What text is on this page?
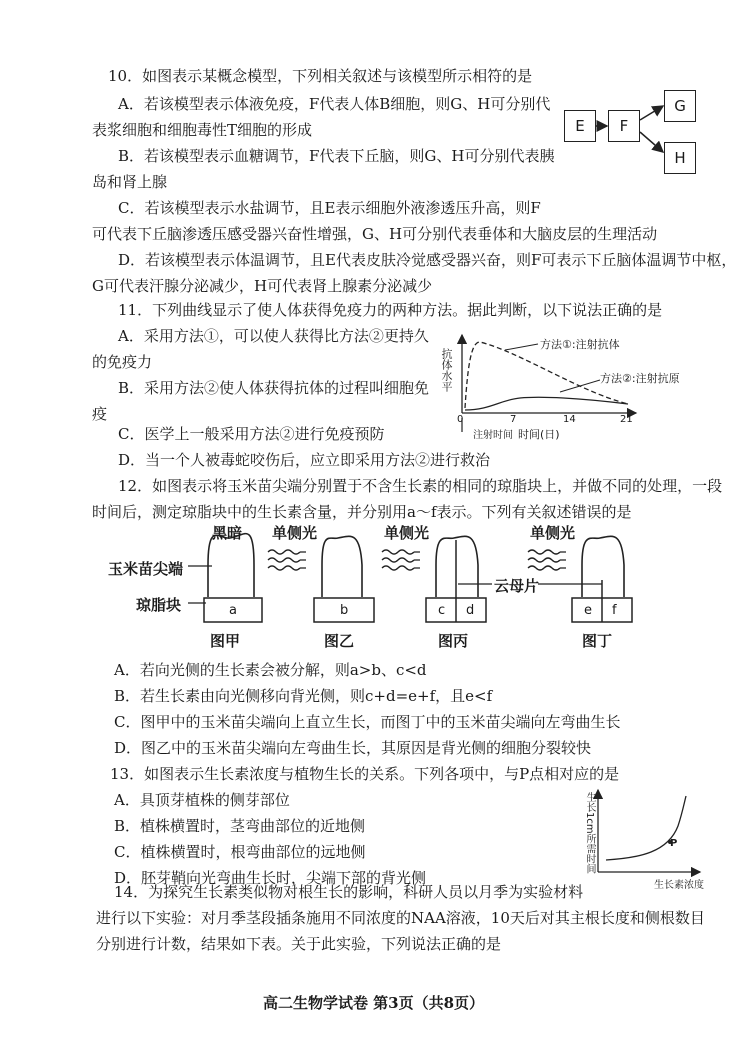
10．如图表示某概念模型，下列相关叙述与该模型所示相符的是
A．若该模型表示体液免疫，F代表人体B细胞，则G、H可分别代
表浆细胞和细胞毒性T细胞的形成
B．若该模型表示血糖调节，F代表下丘脑，则G、H可分别代表胰
岛和肾上腺
C．若该模型表示水盐调节，且E表示细胞外液渗透压升高，则F
可代表下丘脑渗透压感受器兴奋性增强，G、H可分别代表垂体和大脑皮层的生理活动
D．若该模型表示体温调节，且E代表皮肤冷觉感受器兴奋，则F可表示下丘脑体温调节中枢，
G可代表汗腺分泌减少，H可代表肾上腺素分泌减少
E	F
G
H
11．下列曲线显示了使人体获得免疫力的两种方法。据此判断，以下说法正确的是
A．采用方法①，可以使人获得比方法②更持久
的免疫力
B．采用方法②使人体获得抗体的过程叫细胞免
疫
C．医学上一般采用方法②进行免疫预防
D．当一个人被毒蛇咬伤后，应立即采用方法②进行救治
抗体水平
方法①:注射抗体
方法②:注射抗原
0	7	14	21
注射时间 时间(日)
12．如图表示将玉米苗尖端分别置于不含生长素的相同的琼脂块上，并做不同的处理，一段
时间后，测定琼脂块中的生长素含量，并分别用a～f表示。下列有关叙述错误的是
黑暗 单侧光	单侧光	单侧光
玉米苗尖端
琼脂块
云母片
a	b	c d	e f
图甲	图乙	图丙	图丁
A．若向光侧的生长素会被分解，则a>b、c<d
B．若生长素由向光侧移向背光侧，则c+d=e+f，且e<f
C．图甲中的玉米苗尖端向上直立生长，而图丁中的玉米苗尖端向左弯曲生长
D．图乙中的玉米苗尖端向左弯曲生长，其原因是背光侧的细胞分裂较快
13．如图表示生长素浓度与植物生长的关系。下列各项中，与P点相对应的是
A．具顶芽植株的侧芽部位
B．植株横置时，茎弯曲部位的近地侧
C．植株横置时，根弯曲部位的远地侧
D．胚芽鞘向光弯曲生长时，尖端下部的背光侧
生长1cm所需时间
生长素浓度
P
14．为探究生长素类似物对根生长的影响，科研人员以月季为实验材料
进行以下实验：对月季茎段插条施用不同浓度的NAA溶液，10天后对其主根长度和侧根数目
分别进行计数，结果如下表。关于此实验，下列说法正确的是
高二生物学试卷 第3页（共8页）
